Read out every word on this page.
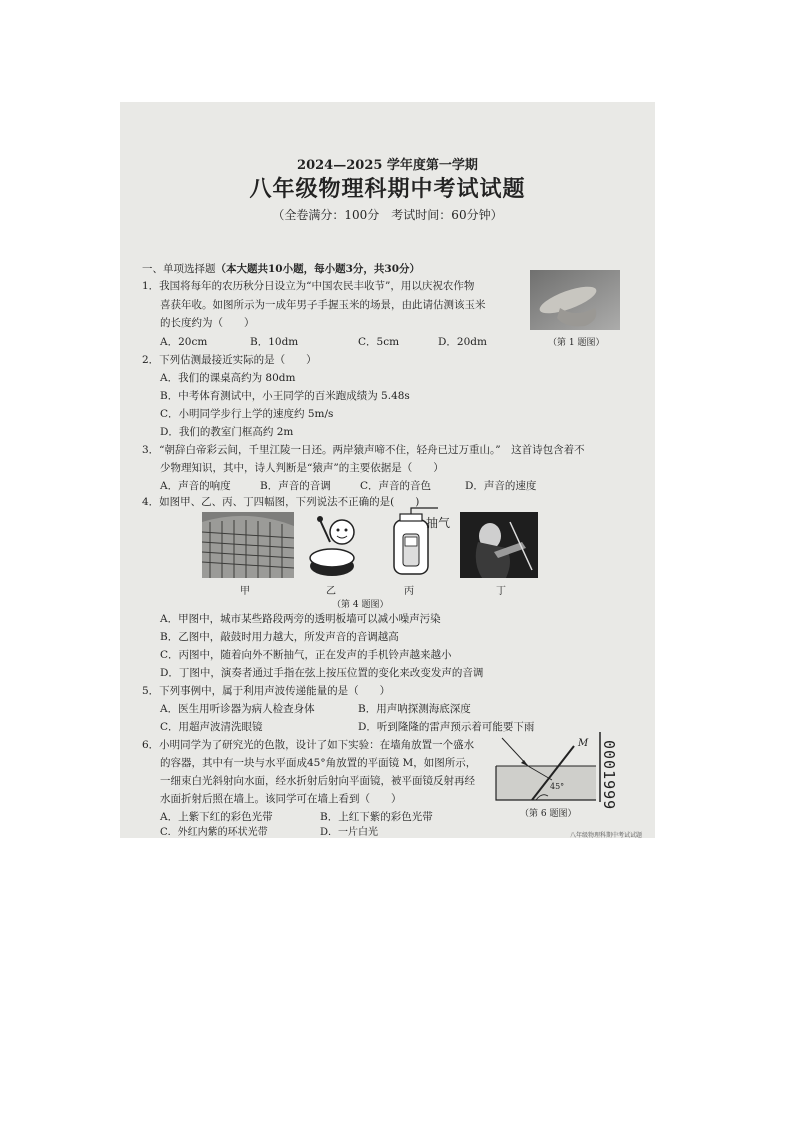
2024—2025 学年度第一学期
八年级物理科期中考试试题
（全卷满分：100分　考试时间：60分钟）
一、单项选择题（本大题共10小题，每小题3分，共30分）
1．我国将每年的农历秋分日设立为“中国农民丰收节”，用以庆祝农作物
喜获年收。如图所示为一成年男子手握玉米的场景，由此请估测该玉米
的长度约为（　　）
A．20cm	B．10dm	C．5cm	D．20dm	（第 1 题图）
2．下列估测最接近实际的是（　　）
A．我们的课桌高约为 80dm
B．中考体育测试中，小王同学的百米跑成绩为 5.48s
C．小明同学步行上学的速度约 5m/s
D．我们的教室门框高约 2m
3．“朝辞白帝彩云间，千里江陵一日还。两岸猿声啼不住，轻舟已过万重山。”　这首诗包含着不
少物理知识，其中，诗人判断是“猿声”的主要依据是（　　）
A．声音的响度	B．声音的音调	C．声音的音色	D．声音的速度
4．如图甲、乙、丙、丁四幅图，下列说法不正确的是(　　)
甲	乙
抽气
丙	丁
（第 4 题图）
A．甲图中，城市某些路段两旁的透明板墙可以减小噪声污染
B．乙图中，敲鼓时用力越大，所发声音的音调越高
C．丙图中，随着向外不断抽气，正在发声的手机铃声越来越小
D．丁图中，演奏者通过手指在弦上按压位置的变化来改变发声的音调
5．下列事例中，属于利用声波传递能量的是（　　）
A．医生用听诊器为病人检查身体	B．用声呐探测海底深度
C．用超声波清洗眼镜	D．听到隆隆的雷声预示着可能要下雨
6．小明同学为了研究光的色散，设计了如下实验：在墙角放置一个盛水
的容器，其中有一块与水平面成45°角放置的平面镜 M，如图所示，
一细束白光斜射向水面，经水折射后射向平面镜，被平面镜反射再经
水面折射后照在墙上。该同学可在墙上看到（　　）
A．上紫下红的彩色光带	B．上红下紫的彩色光带
C．外红内紫的环状光带	D．一片白光
M
45°
（第 6 题图）
0001999
八年级物理科期中考试试题
